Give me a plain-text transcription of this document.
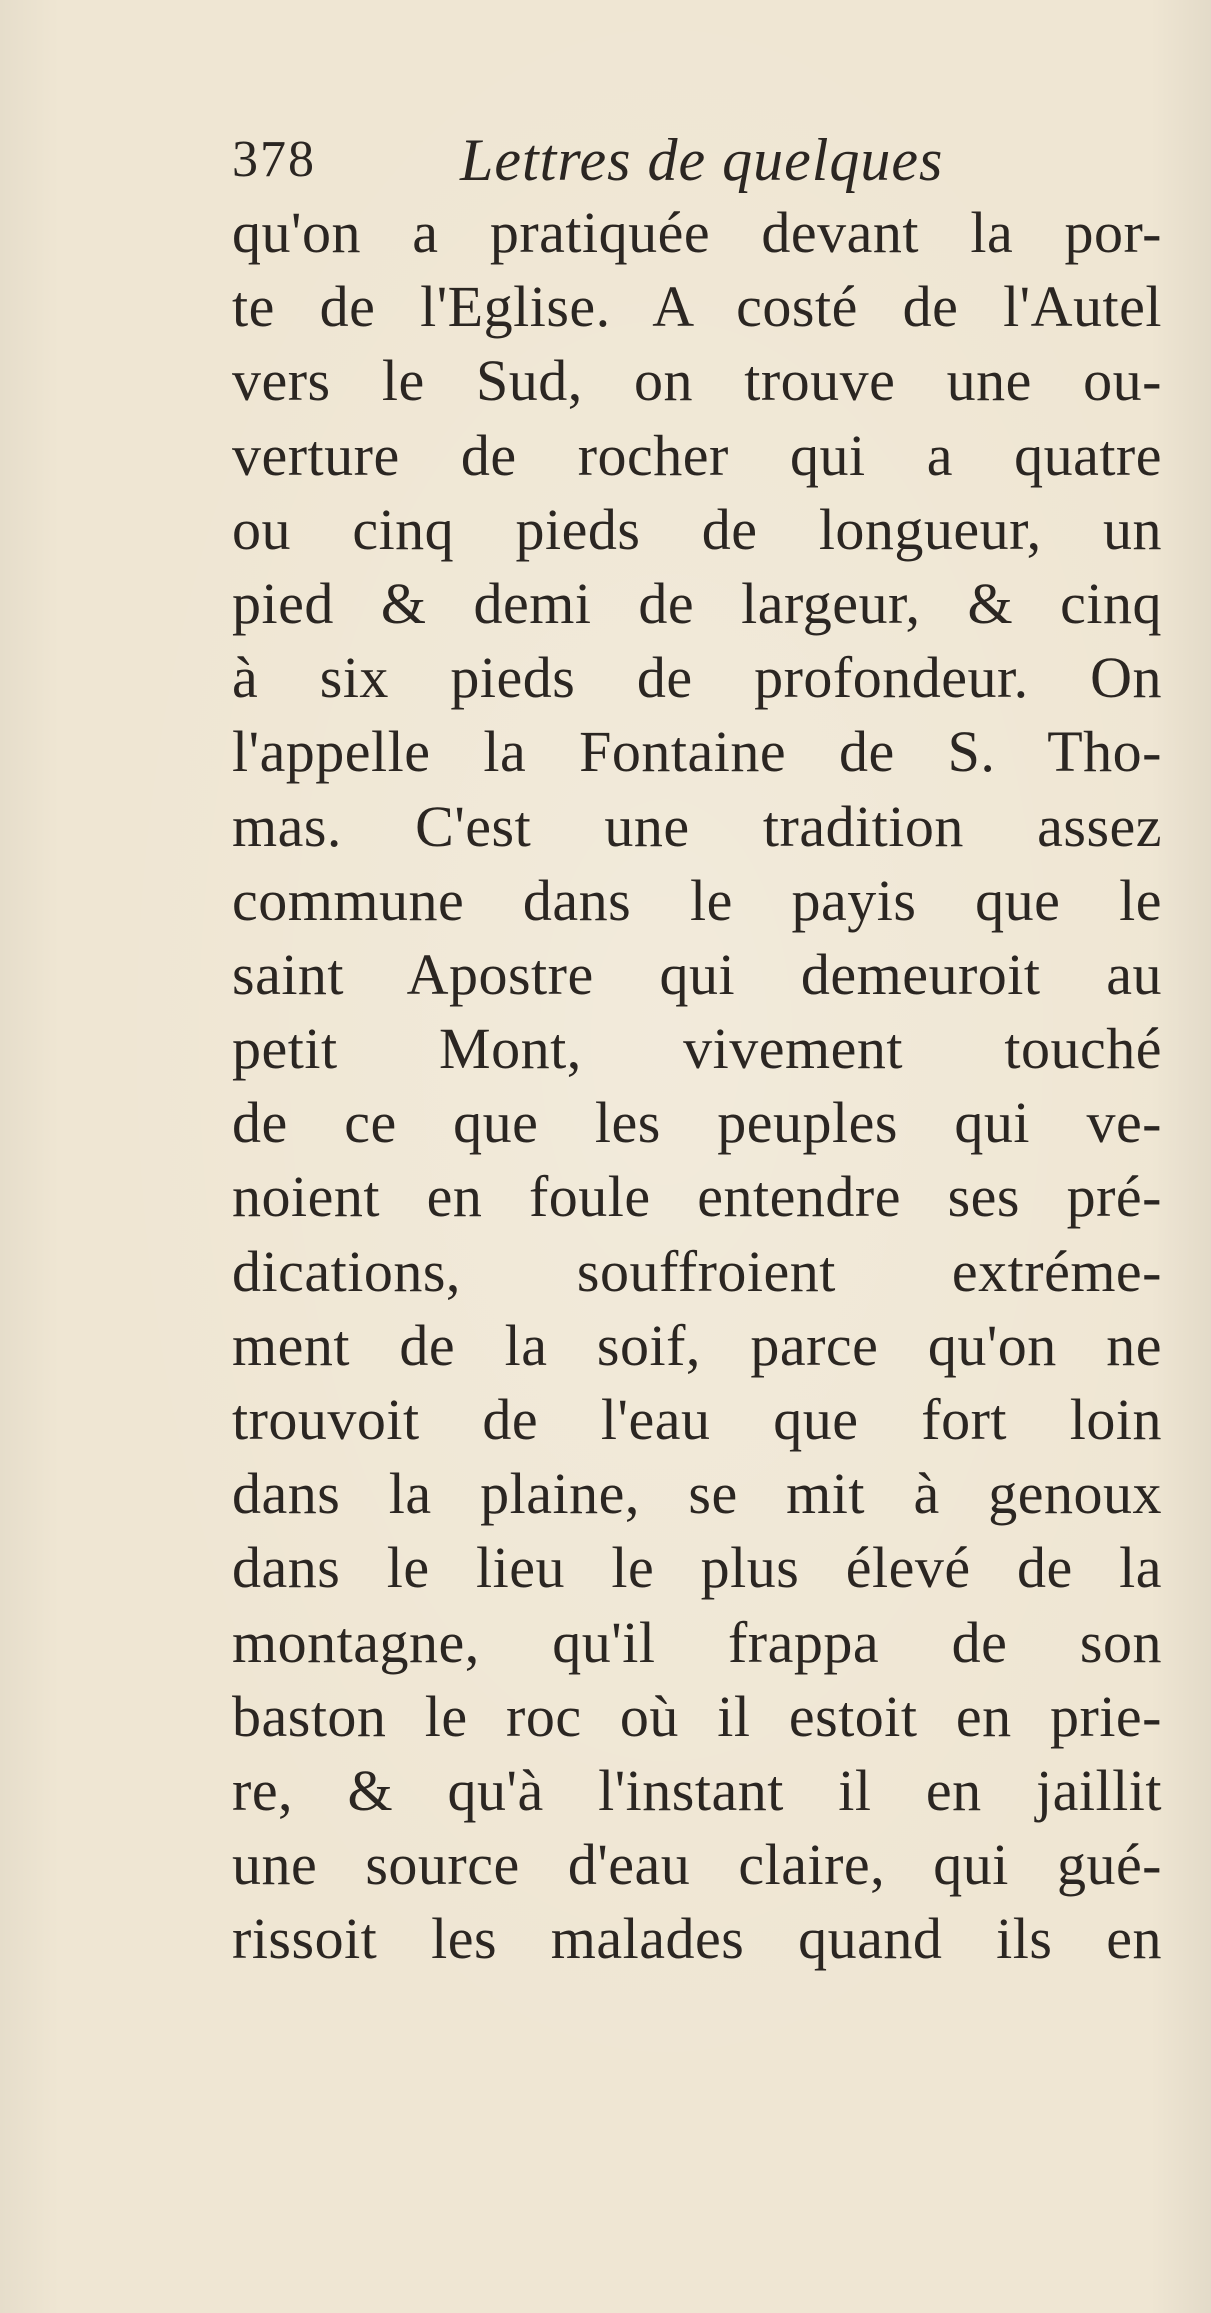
378 Lettres de quelques
qu'on a pratiquée devant la por-
te de l'Eglise. A costé de l'Autel
vers le Sud, on trouve une ou-
verture de rocher qui a quatre
ou cinq pieds de longueur, un
pied & demi de largeur, & cinq
à six pieds de profondeur. On
l'appelle la Fontaine de S. Tho-
mas. C'est une tradition assez
commune dans le payis que le
saint Apostre qui demeuroit au
petit Mont, vivement touché
de ce que les peuples qui ve-
noient en foule entendre ses pré-
dications, souffroient extréme-
ment de la soif, parce qu'on ne
trouvoit de l'eau que fort loin
dans la plaine, se mit à genoux
dans le lieu le plus élevé de la
montagne, qu'il frappa de son
baston le roc où il estoit en prie-
re, & qu'à l'instant il en jaillit
une source d'eau claire, qui gué-
rissoit les malades quand ils en
